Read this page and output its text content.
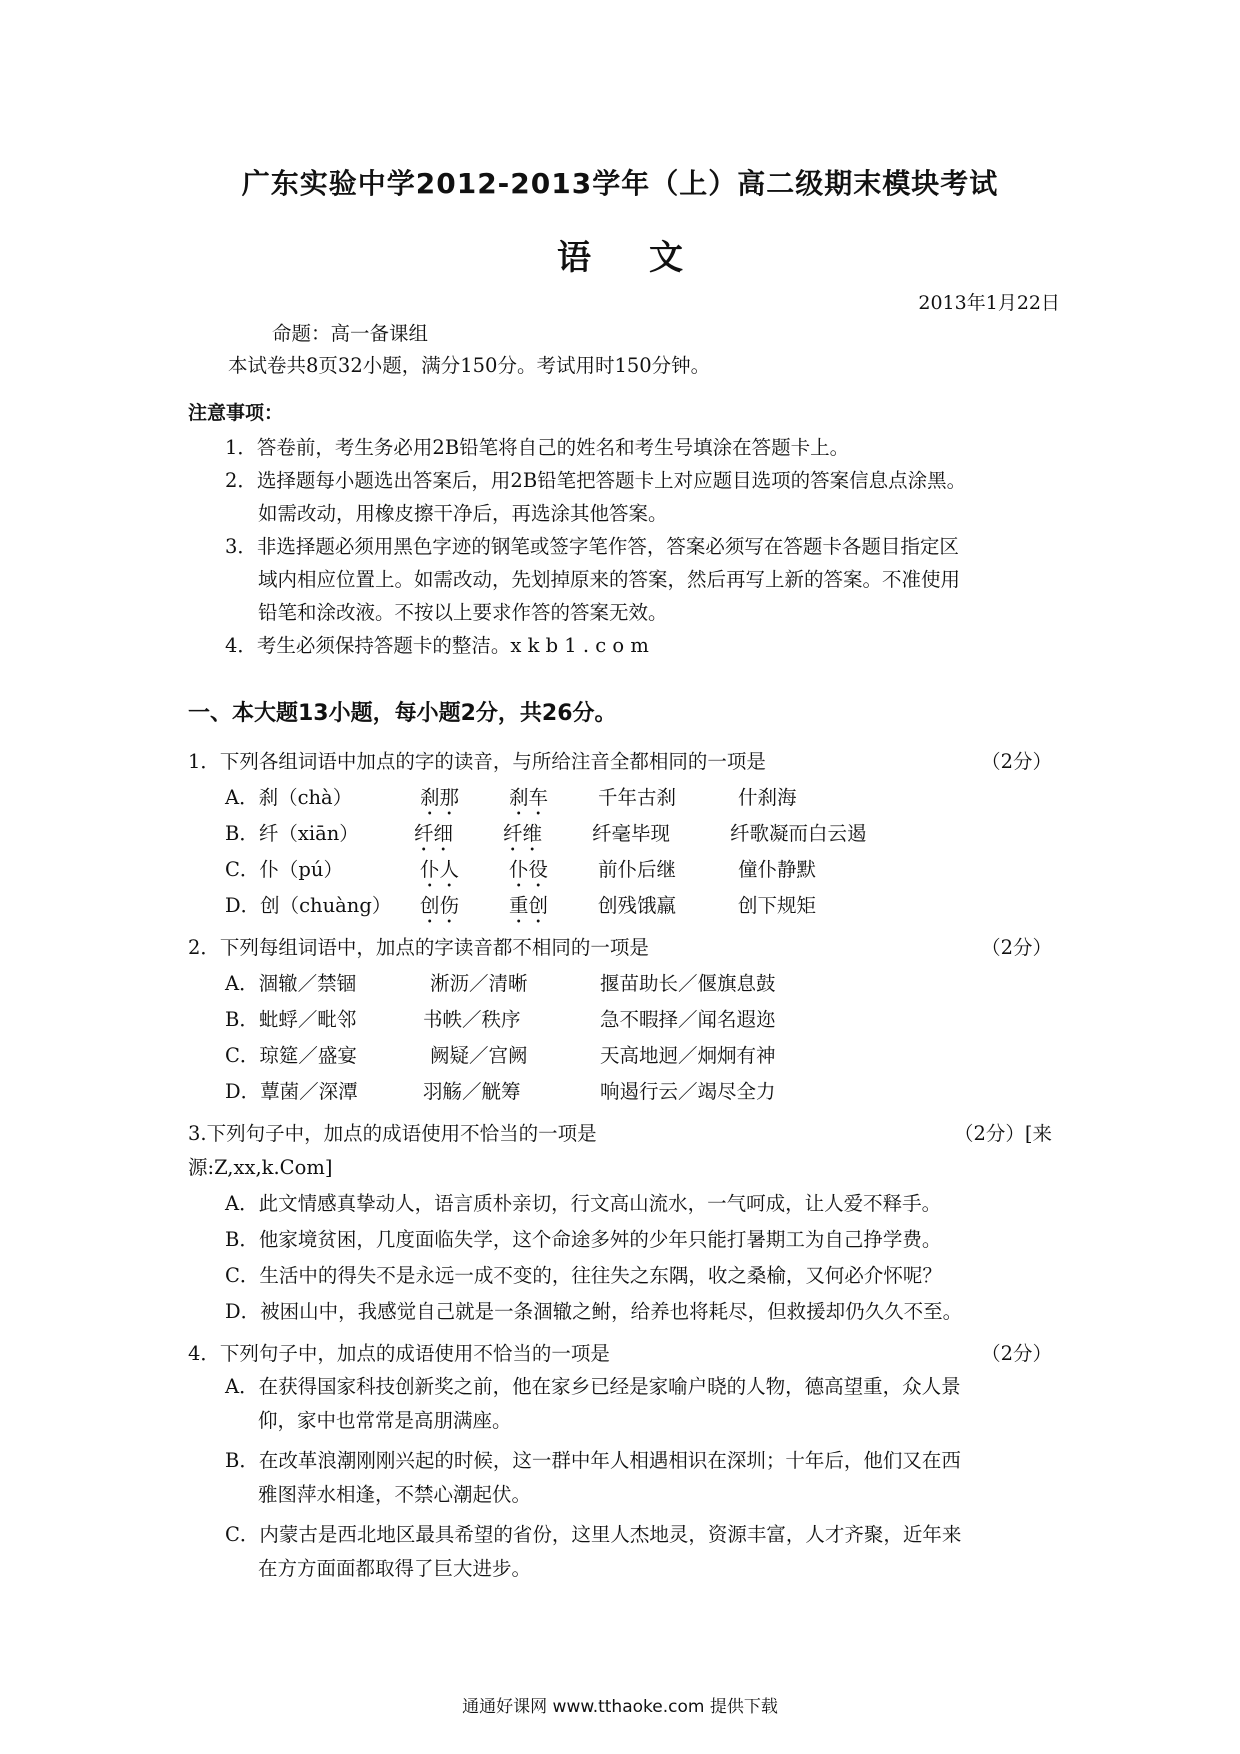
广东实验中学2012-2013学年（上）高二级期末模块考试
语文
2013年1月22日
命题：高一备课组
本试卷共8页32小题，满分150分。考试用时150分钟。
注意事项：
1．答卷前，考生务必用2B铅笔将自己的姓名和考生号填涂在答题卡上。
2．选择题每小题选出答案后，用2B铅笔把答题卡上对应题目选项的答案信息点涂黑。
如需改动，用橡皮擦干净后，再选涂其他答案。
3．非选择题必须用黑色字迹的钢笔或签字笔作答，答案必须写在答题卡各题目指定区
域内相应位置上。如需改动，先划掉原来的答案，然后再写上新的答案。不准使用
铅笔和涂改液。不按以上要求作答的答案无效。
4．考生必须保持答题卡的整洁。x k b 1 . c o m
一、本大题13小题，每小题2分，共26分。
1．下列各组词语中加点的字的读音，与所给注音全都相同的一项是	（2分）
A．刹（chà）	刹那	刹车	千年古刹	什刹海
B．纤（xiān）	纤细	纤维	纤毫毕现	纤歌凝而白云遏
C．仆（pú）	仆人	仆役	前仆后继	僮仆静默
D．创（chuàng） 创伤	重创	创残饿羸	创下规矩
2．下列每组词语中，加点的字读音都不相同的一项是	（2分）
A．涸辙／禁锢	淅沥／清晰	揠苗助长／偃旗息鼓
B．蚍蜉／毗邻	书帙／秩序	急不暇择／闻名遐迩
C．琼筵／盛宴	阙疑／宫阙	天高地迥／炯炯有神
D．蕈菌／深潭	羽觞／觥筹	响遏行云／竭尽全力
3.下列句子中，加点的成语使用不恰当的一项是	（2分）[来
源:Z,xx,k.Com]
A．此文情感真挚动人，语言质朴亲切，行文高山流水，一气呵成，让人爱不释手。
B．他家境贫困，几度面临失学，这个命途多舛的少年只能打暑期工为自己挣学费。
C．生活中的得失不是永远一成不变的，往往失之东隅，收之桑榆，又何必介怀呢？
D．被困山中，我感觉自己就是一条涸辙之鲋，给养也将耗尽，但救援却仍久久不至。
4．下列句子中，加点的成语使用不恰当的一项是	（2分）
A．在获得国家科技创新奖之前，他在家乡已经是家喻户晓的人物，德高望重，众人景
仰，家中也常常是高朋满座。
B．在改革浪潮刚刚兴起的时候，这一群中年人相遇相识在深圳；十年后，他们又在西
雅图萍水相逢，不禁心潮起伏。
C．内蒙古是西北地区最具希望的省份，这里人杰地灵，资源丰富，人才齐聚，近年来
在方方面面都取得了巨大进步。
通通好课网 www.tthaoke.com 提供下载
